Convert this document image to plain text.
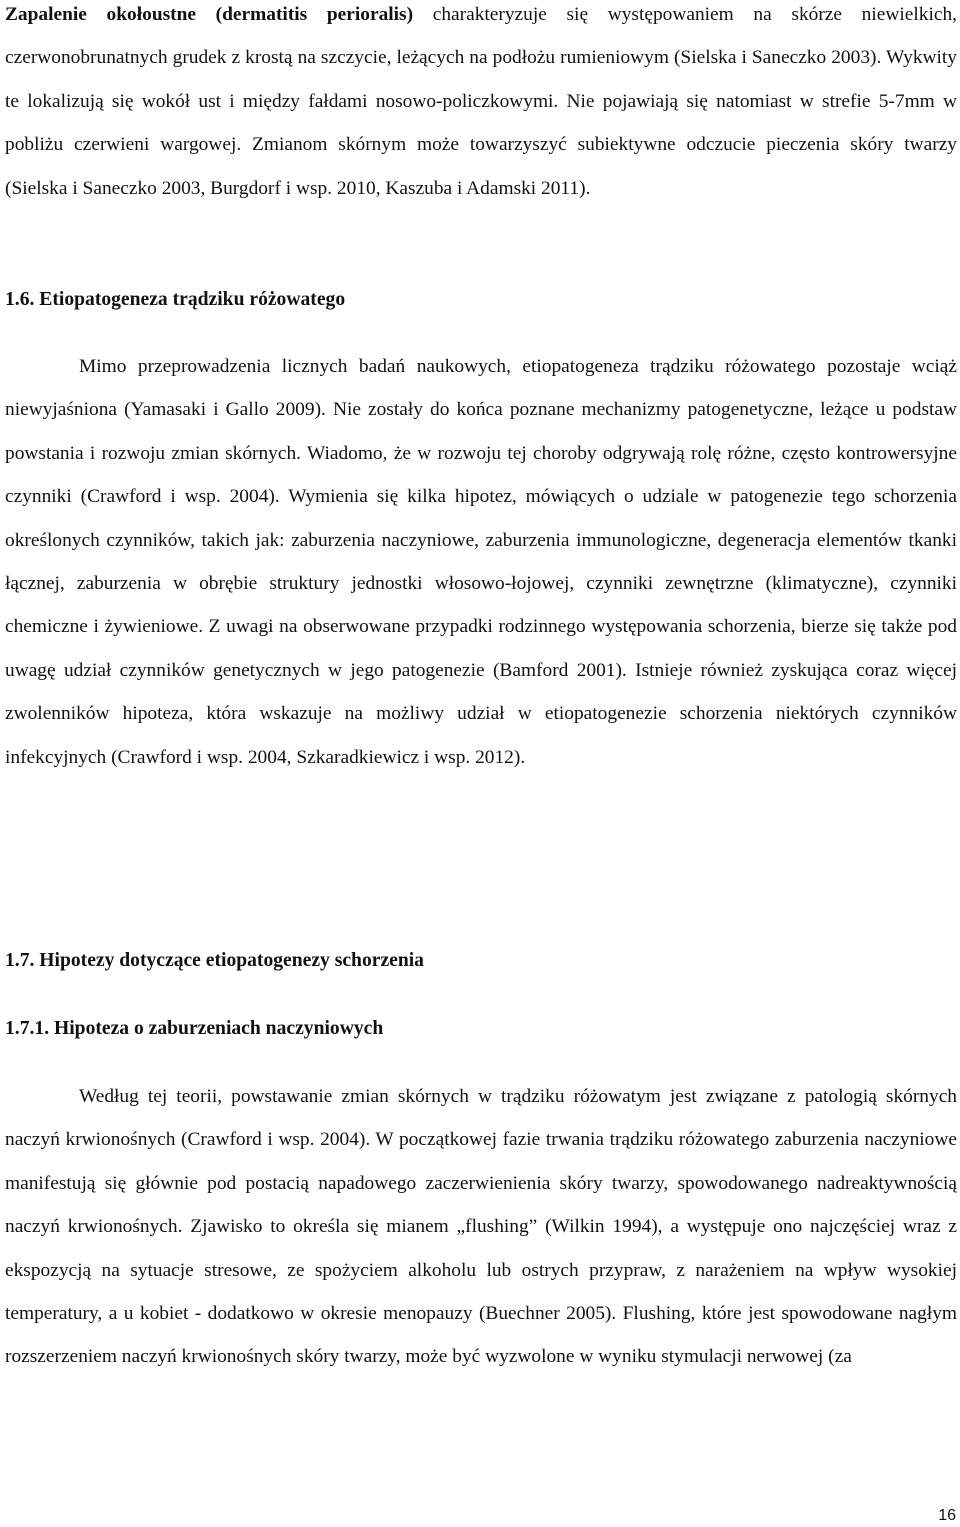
Zapalenie okołoustne (dermatitis perioralis) charakteryzuje się występowaniem na skórze niewielkich, czerwonobrunatnych grudek z krostą na szczycie, leżących na podłożu rumieniowym (Sielska i Saneczko 2003). Wykwity te lokalizują się wokół ust i między fałdami nosowo-policzkowymi. Nie pojawiają się natomiast w strefie 5-7mm w pobliżu czerwieni wargowej. Zmianom skórnym może towarzyszyć subiektywne odczucie pieczenia skóry twarzy (Sielska i Saneczko 2003, Burgdorf i wsp. 2010, Kaszuba i Adamski 2011).

1.6. Etiopatogeneza trądziku różowatego

Mimo przeprowadzenia licznych badań naukowych, etiopatogeneza trądziku różowatego pozostaje wciąż niewyjaśniona (Yamasaki i Gallo 2009). Nie zostały do końca poznane mechanizmy patogenetyczne, leżące u podstaw powstania i rozwoju zmian skórnych. Wiadomo, że w rozwoju tej choroby odgrywają rolę różne, często kontrowersyjne czynniki (Crawford i wsp. 2004). Wymienia się kilka hipotez, mówiących o udziale w patogenezie tego schorzenia określonych czynników, takich jak: zaburzenia naczyniowe, zaburzenia immunologiczne, degeneracja elementów tkanki łącznej, zaburzenia w obrębie struktury jednostki włosowo-łojowej, czynniki zewnętrzne (klimatyczne), czynniki chemiczne i żywieniowe. Z uwagi na obserwowane przypadki rodzinnego występowania schorzenia, bierze się także pod uwagę udział czynników genetycznych w jego patogenezie (Bamford 2001). Istnieje również zyskująca coraz więcej zwolenników hipoteza, która wskazuje na możliwy udział w etiopatogenezie schorzenia niektórych czynników infekcyjnych (Crawford i wsp. 2004, Szkaradkiewicz i wsp. 2012).

1.7. Hipotezy dotyczące etiopatogenezy schorzenia
1.7.1. Hipoteza o zaburzeniach naczyniowych

Według tej teorii, powstawanie zmian skórnych w trądziku różowatym jest związane z patologią skórnych naczyń krwionośnych (Crawford i wsp. 2004). W początkowej fazie trwania trądziku różowatego zaburzenia naczyniowe manifestują się głównie pod postacią napadowego zaczerwienienia skóry twarzy, spowodowanego nadreaktywnością naczyń krwionośnych. Zjawisko to określa się mianem „flushing” (Wilkin 1994), a występuje ono najczęściej wraz z ekspozycją na sytuacje stresowe, ze spożyciem alkoholu lub ostrych przypraw, z narażeniem na wpływ wysokiej temperatury, a u kobiet - dodatkowo w okresie menopauzy (Buechner 2005). Flushing, które jest spowodowane nagłym rozszerzeniem naczyń krwionośnych skóry twarzy, może być wyzwolone w wyniku stymulacji nerwowej (za

16
